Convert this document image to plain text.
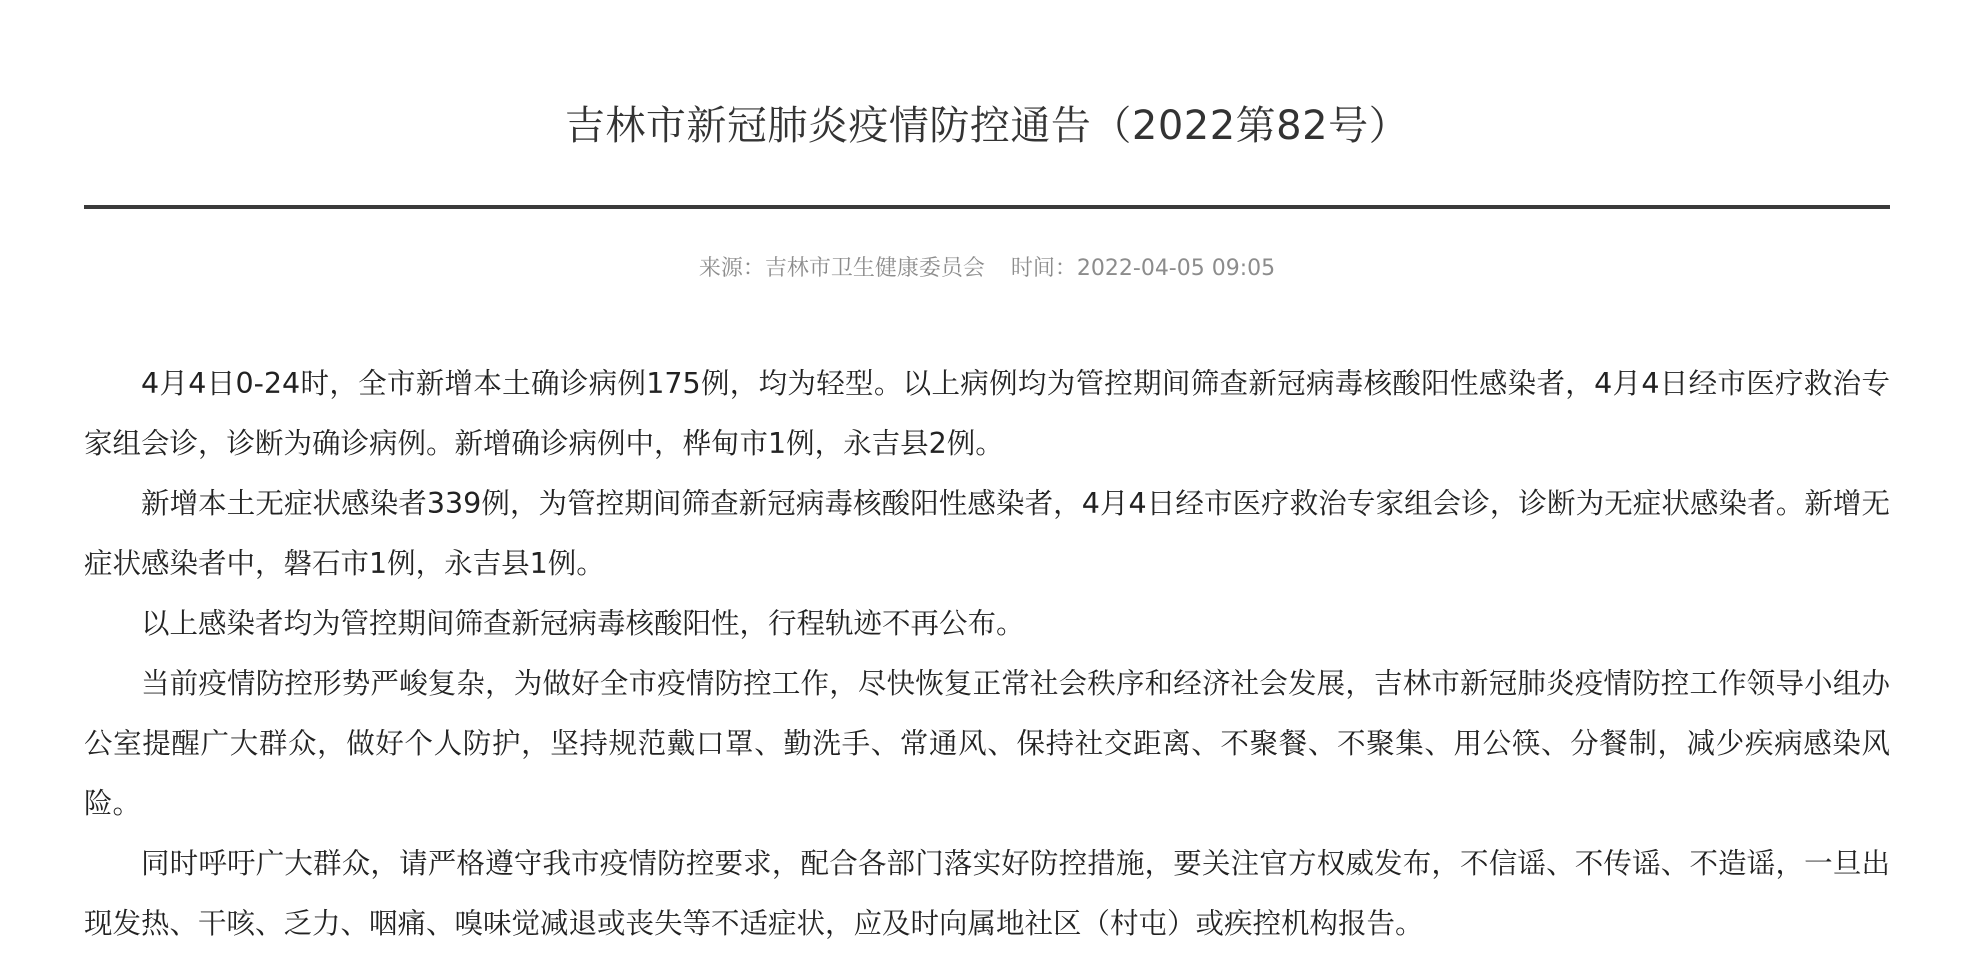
吉林市新冠肺炎疫情防控通告（2022第82号）
来源：吉林市卫生健康委员会 时间：2022-04-05 09:05

4月4日0-24时，全市新增本土确诊病例175例，均为轻型。以上病例均为管控期间筛查新冠病毒核酸阳性感染者，4月4日经市医疗救治专家组会诊，诊断为确诊病例。新增确诊病例中，桦甸市1例，永吉县2例。

新增本土无症状感染者339例，为管控期间筛查新冠病毒核酸阳性感染者，4月4日经市医疗救治专家组会诊，诊断为无症状感染者。新增无症状感染者中，磐石市1例，永吉县1例。

以上感染者均为管控期间筛查新冠病毒核酸阳性，行程轨迹不再公布。

当前疫情防控形势严峻复杂，为做好全市疫情防控工作，尽快恢复正常社会秩序和经济社会发展，吉林市新冠肺炎疫情防控工作领导小组办公室提醒广大群众，做好个人防护，坚持规范戴口罩、勤洗手、常通风、保持社交距离、不聚餐、不聚集、用公筷、分餐制，减少疾病感染风险。

同时呼吁广大群众，请严格遵守我市疫情防控要求，配合各部门落实好防控措施，要关注官方权威发布，不信谣、不传谣、不造谣，一旦出现发热、干咳、乏力、咽痛、嗅味觉减退或丧失等不适症状，应及时向属地社区（村屯）或疾控机构报告。
